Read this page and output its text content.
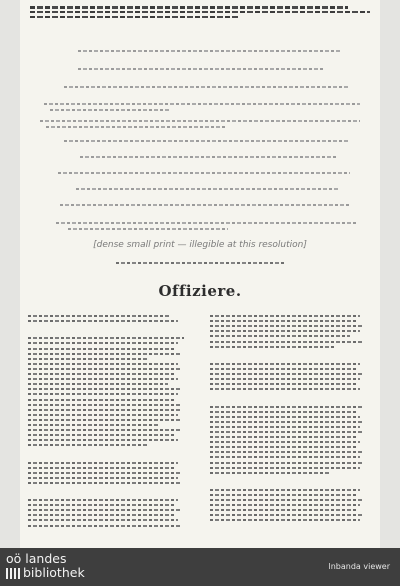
Offiziere.
[dense small print — illegible at this resolution]
oö landes
bibliothek	lnbanda viewer
